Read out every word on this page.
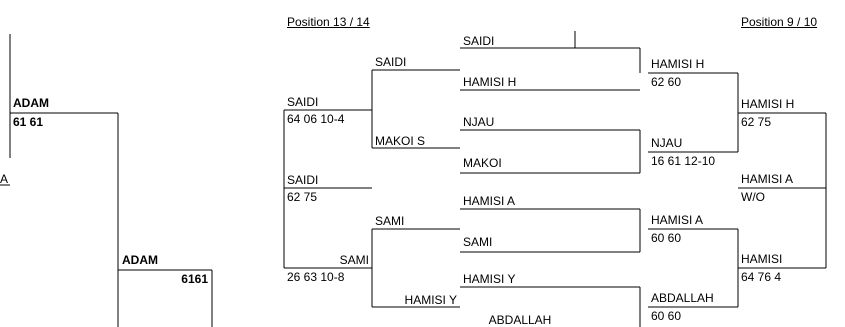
Position 13 / 14	Position 9 / 10
ADAM
61 61
A
ADAM
6161
SAIDI
HAMISI H
NJAU
MAKOI
HAMISI A
SAMI
HAMISI Y
ABDALLAH
SAIDI
MAKOI S
SAMI
HAMISI Y
SAIDI
64 06 10-4
SAIDI
62 75
SAMI
26 63 10-8
HAMISI H
62 60
NJAU
16 61 12-10
HAMISI A
60 60
ABDALLAH
60 60
HAMISI H
62 75
HAMISI A
W/O
HAMISI
64 76 4
